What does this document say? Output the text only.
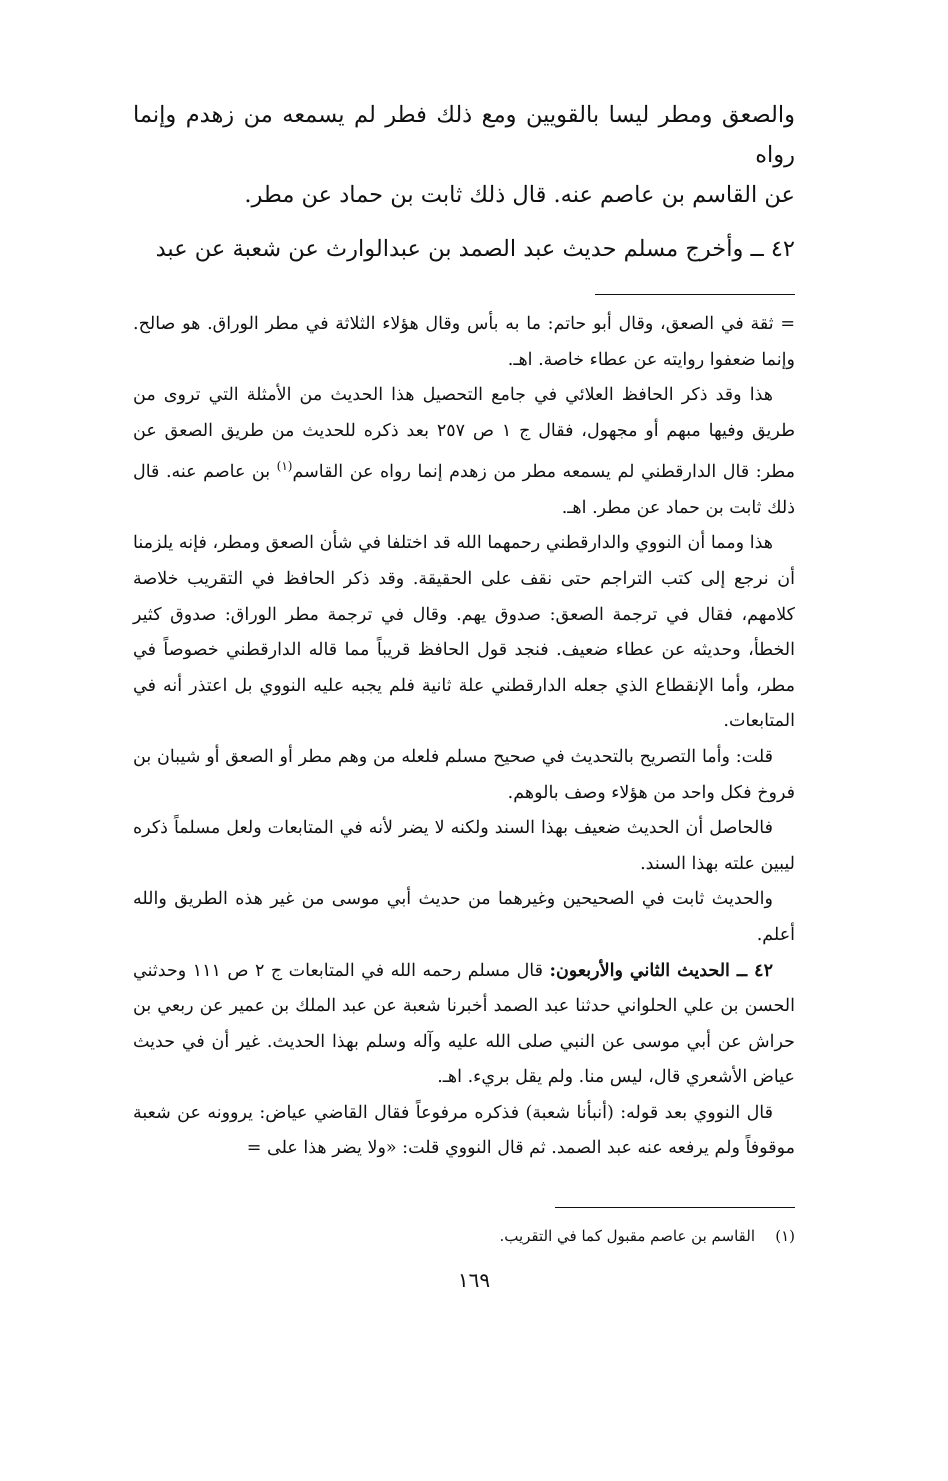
والصعق ومطر ليسا بالقويين ومع ذلك فطر لم يسمعه من زهدم وإنما رواه

عن القاسم بن عاصم عنه. قال ذلك ثابت بن حماد عن مطر.

٤٢ ــ وأخرج مسلم حديث عبد الصمد بن عبدالوارث عن شعبة عن عبد

= ثقة في الصعق، وقال أبو حاتم: ما به بأس وقال هؤلاء الثلاثة في مطر الوراق. هو صالح. وإنما ضعفوا روايته عن عطاء خاصة. اهـ.

هذا وقد ذكر الحافظ العلائي في جامع التحصيل هذا الحديث من الأمثلة التي تروى من طريق وفيها مبهم أو مجهول، فقال ج ١ ص ٢٥٧ بعد ذكره للحديث من طريق الصعق عن مطر: قال الدارقطني لم يسمعه مطر من زهدم إنما رواه عن القاسم$^{(١)}$ بن عاصم عنه. قال ذلك ثابت بن حماد عن مطر. اهـ.

هذا ومما أن النووي والدارقطني رحمهما الله قد اختلفا في شأن الصعق ومطر، فإنه يلزمنا أن نرجع إلى كتب التراجم حتى نقف على الحقيقة. وقد ذكر الحافظ في التقريب خلاصة كلامهم، فقال في ترجمة الصعق: صدوق يهم. وقال في ترجمة مطر الوراق: صدوق كثير الخطأ، وحديثه عن عطاء ضعيف. فنجد قول الحافظ قريباً مما قاله الدارقطني خصوصاً في مطر، وأما الإنقطاع الذي جعله الدارقطني علة ثانية فلم يجبه عليه النووي بل اعتذر أنه في المتابعات.

قلت: وأما التصريح بالتحديث في صحيح مسلم فلعله من وهم مطر أو الصعق أو شيبان بن فروخ فكل واحد من هؤلاء وصف بالوهم.

فالحاصل أن الحديث ضعيف بهذا السند ولكنه لا يضر لأنه في المتابعات ولعل مسلماً ذكره ليبين علته بهذا السند.

والحديث ثابت في الصحيحين وغيرهما من حديث أبي موسى من غير هذه الطريق والله أعلم.

٤٢ ــ الحديث الثاني والأربعون: قال مسلم رحمه الله في المتابعات ج ٢ ص ١١١ وحدثني الحسن بن علي الحلواني حدثنا عبد الصمد أخبرنا شعبة عن عبد الملك بن عمير عن ربعي بن حراش عن أبي موسى عن النبي صلى الله عليه وآله وسلم بهذا الحديث. غير أن في حديث عياض الأشعري قال، ليس منا. ولم يقل بريء. اهـ.

قال النووي بعد قوله: (أنبأنا شعبة) فذكره مرفوعاً فقال القاضي عياض: يروونه عن شعبة موقوفاً ولم يرفعه عنه عبد الصمد. ثم قال النووي قلت: «ولا يضر هذا على =

(١)القاسم بن عاصم مقبول كما في التقريب.
١٦٩
